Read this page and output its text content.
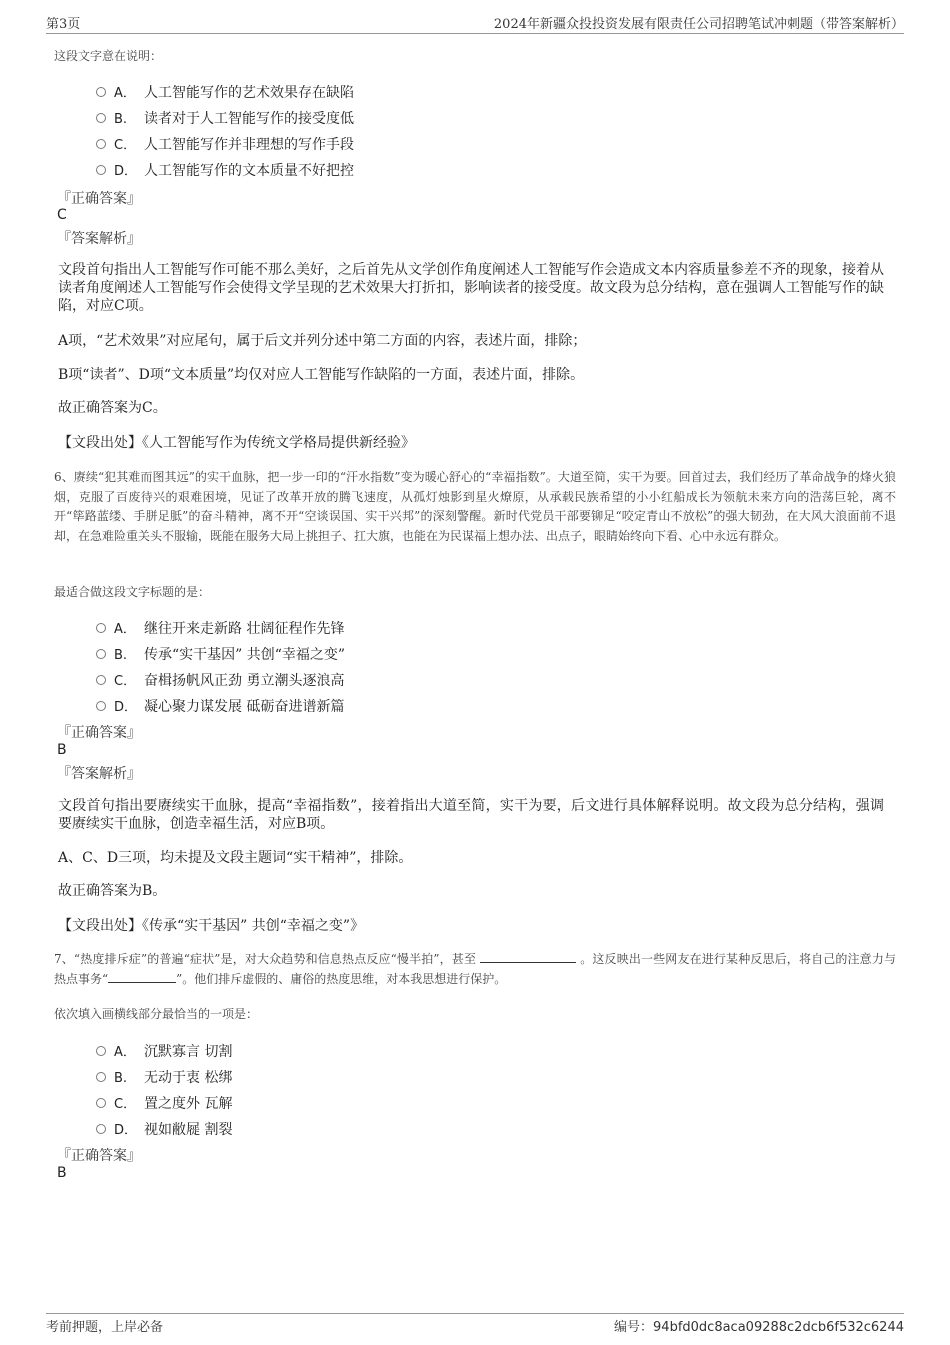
第3页	2024年新疆众投投资发展有限责任公司招聘笔试冲刺题（带答案解析）
这段文字意在说明：
A． 人工智能写作的艺术效果存在缺陷
B. 读者对于人工智能写作的接受度低
C． 人工智能写作并非理想的写作手段
D． 人工智能写作的文本质量不好把控
『正确答案』
C
『答案解析』
文段首句指出人工智能写作可能不那么美好，之后首先从文学创作角度阐述人工智能写作会造成文本内容质量参差不齐的现象，接着从读者角度阐述人工智能写作会使得文学呈现的艺术效果大打折扣，影响读者的接受度。故文段为总分结构，意在强调人工智能写作的缺陷，对应C项。
A项，“艺术效果”对应尾句，属于后文并列分述中第二方面的内容，表述片面，排除；
B项“读者”、D项“文本质量”均仅对应人工智能写作缺陷的一方面，表述片面，排除。
故正确答案为C。
【文段出处】《人工智能写作为传统文学格局提供新经验》
6、赓续“犯其难而图其远”的实干血脉，把一步一印的“汗水指数”变为暖心舒心的“幸福指数”。大道至简，实干为要。回首过去，我们经历了革命战争的烽火狼烟，克服了百废待兴的艰难困境，见证了改革开放的腾飞速度，从孤灯烛影到星火燎原，从承载民族希望的小小红船成长为领航未来方向的浩荡巨轮，离不开“筚路蓝缕、手胼足胝”的奋斗精神，离不开“空谈误国、实干兴邦”的深刻警醒。新时代党员干部要铆足“咬定青山不放松”的强大韧劲，在大风大浪面前不退却，在急难险重关头不服输，既能在服务大局上挑担子、扛大旗，也能在为民谋福上想办法、出点子，眼睛始终向下看、心中永远有群众。
最适合做这段文字标题的是：
A． 继往开来走新路 壮阔征程作先锋
B. 传承“实干基因” 共创“幸福之变”
C． 奋楫扬帆风正劲 勇立潮头逐浪高
D． 凝心聚力谋发展 砥砺奋进谱新篇
『正确答案』
B
『答案解析』
文段首句指出要赓续实干血脉，提高“幸福指数”，接着指出大道至简，实干为要，后文进行具体解释说明。故文段为总分结构，强调要赓续实干血脉，创造幸福生活，对应B项。
A、C、D三项，均未提及文段主题词“实干精神”，排除。
故正确答案为B。
【文段出处】《传承“实干基因” 共创“幸福之变”》
7、“热度排斥症”的普遍“症状”是，对大众趋势和信息热点反应“慢半拍”，甚至	。这反映出一些网友在进行某种反思后，将自己的注意力与热点事务“	”。他们排斥虚假的、庸俗的热度思维，对本我思想进行保护。
依次填入画横线部分最恰当的一项是：
A． 沉默寡言 切割
B. 无动于衷 松绑
C． 置之度外 瓦解
D． 视如敝屣 割裂
『正确答案』
B
考前押题，上岸必备	编号：94bfd0dc8aca09288c2dcb6f532c6244
